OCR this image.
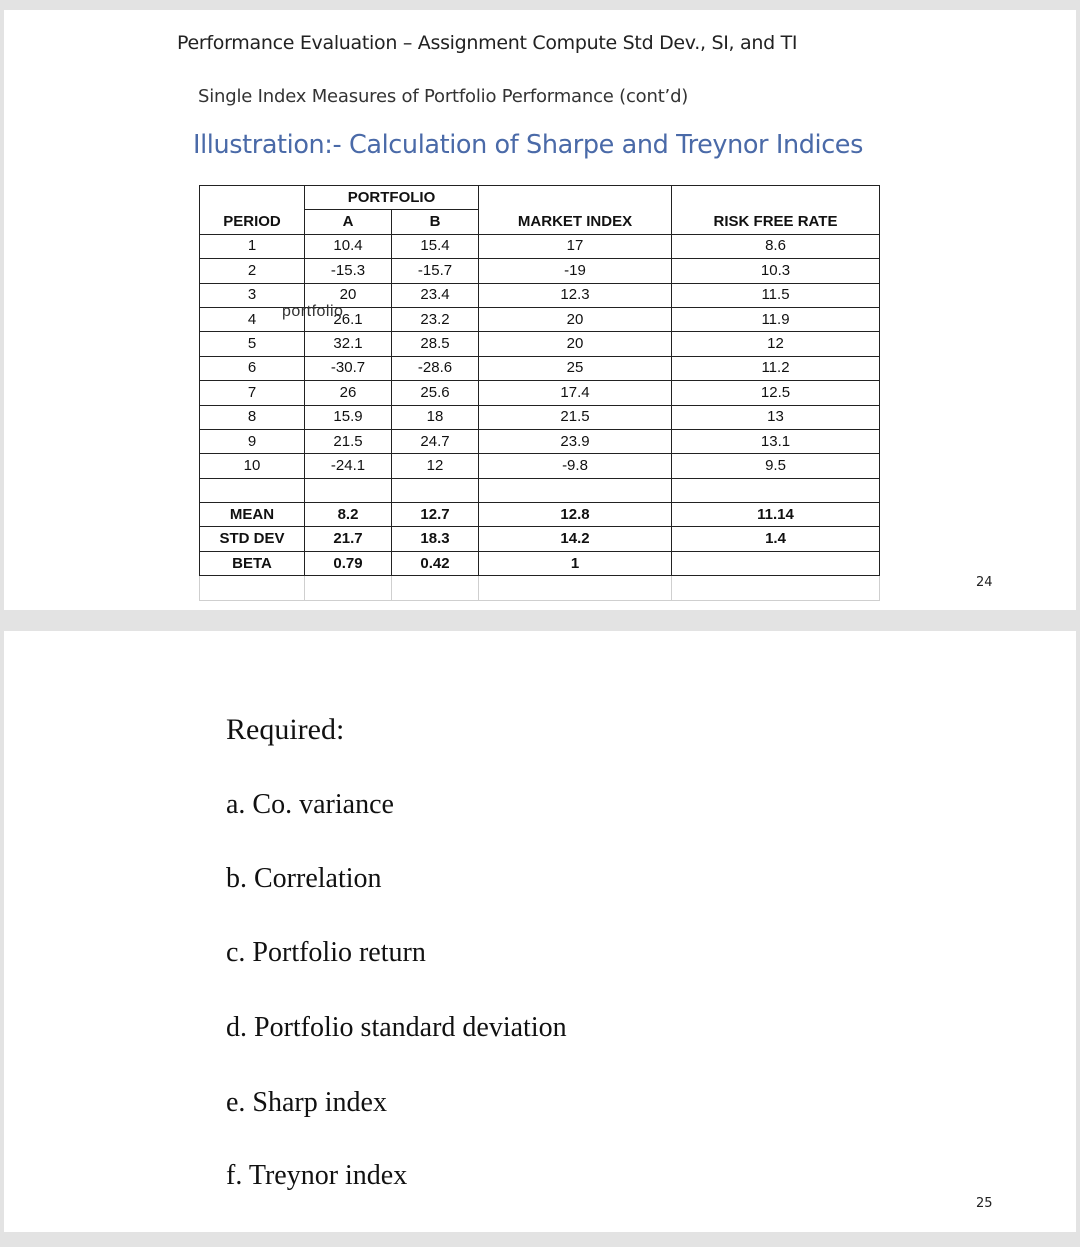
Performance Evaluation – Assignment Compute Std Dev., SI, and TI
Single Index Measures of Portfolio Performance (cont’d)
Illustration:- Calculation of Sharpe and Treynor Indices
	PORTFOLIO			
PERIOD	A	B	MARKET INDEX	RISK FREE RATE
1	10.4	15.4	17	8.6
2	-15.3	-15.7	-19	10.3
3	20	23.4	12.3	11.5
4	26.1	23.2	20	11.9
5	32.1	28.5	20	12
6	-30.7	-28.6	25	11.2
7	26	25.6	17.4	12.5
8	15.9	18	21.5	13
9	21.5	24.7	23.9	13.1
10	-24.1	12	-9.8	9.5

MEAN	8.2	12.7	12.8	11.14
STD DEV	21.7	18.3	14.2	1.4
BETA	0.79	0.42	1	

portfolio
24
Required:
a. Co. variance
b. Correlation
c. Portfolio return
d. Portfolio standard deviation
e. Sharp index
f. Treynor index
25
